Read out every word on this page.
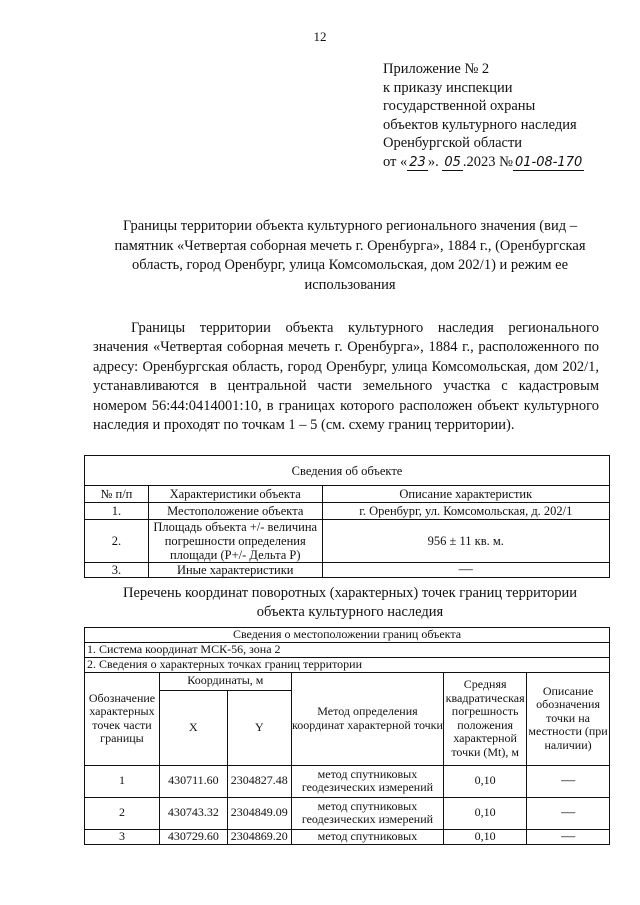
12
Приложение № 2
к приказу инспекции
государственной охраны
объектов культурного наследия
Оренбургской области
от « 23 ». 05 .2023 № 01-08-170
Границы территории объекта культурного регионального значения (вид – памятник «Четвертая соборная мечеть г. Оренбурга», 1884 г., (Оренбургская область, город Оренбург, улица Комсомольская, дом 202/1) и режим ее использования
Границы территории объекта культурного наследия регионального значения «Четвертая соборная мечеть г. Оренбурга», 1884 г., расположенного по адресу: Оренбургская область, город Оренбург, улица Комсомольская, дом 202/1, устанавливаются в центральной части земельного участка с кадастровым номером 56:44:0414001:10, в границах которого расположен объект культурного наследия и проходят по точкам 1 – 5 (см. схему границ территории).
Сведения об объекте		
№ п/п	Характеристики объекта	Описание характеристик
1.	Местоположение объекта	г. Оренбург, ул. Комсомольская, д. 202/1
2.	Площадь объекта +/- величина погрешности определения площади (P+/- Дельта P)	956 ± 11 кв. м.
3.	Иные характеристики	—
Перечень координат поворотных (характерных) точек границ территории объекта культурного наследия
Сведения о местоположении границ объекта					
1. Система координат МСК-56, зона 2					
2. Сведения о характерных точках границ территории					
Обозначение характерных точек части границы	Координаты, м		Метод определения координат характерной точки	Средняя квадратическая погрешность положения характерной точки (Mt), м	Описание обозначения точки на местности (при наличии)
	X	Y			
1	430711.60	2304827.48	метод спутниковых геодезических измерений	0,10	—
2	430743.32	2304849.09	метод спутниковых геодезических измерений	0,10	—
3	430729.60	2304869.20	метод спутниковых	0,10	—
